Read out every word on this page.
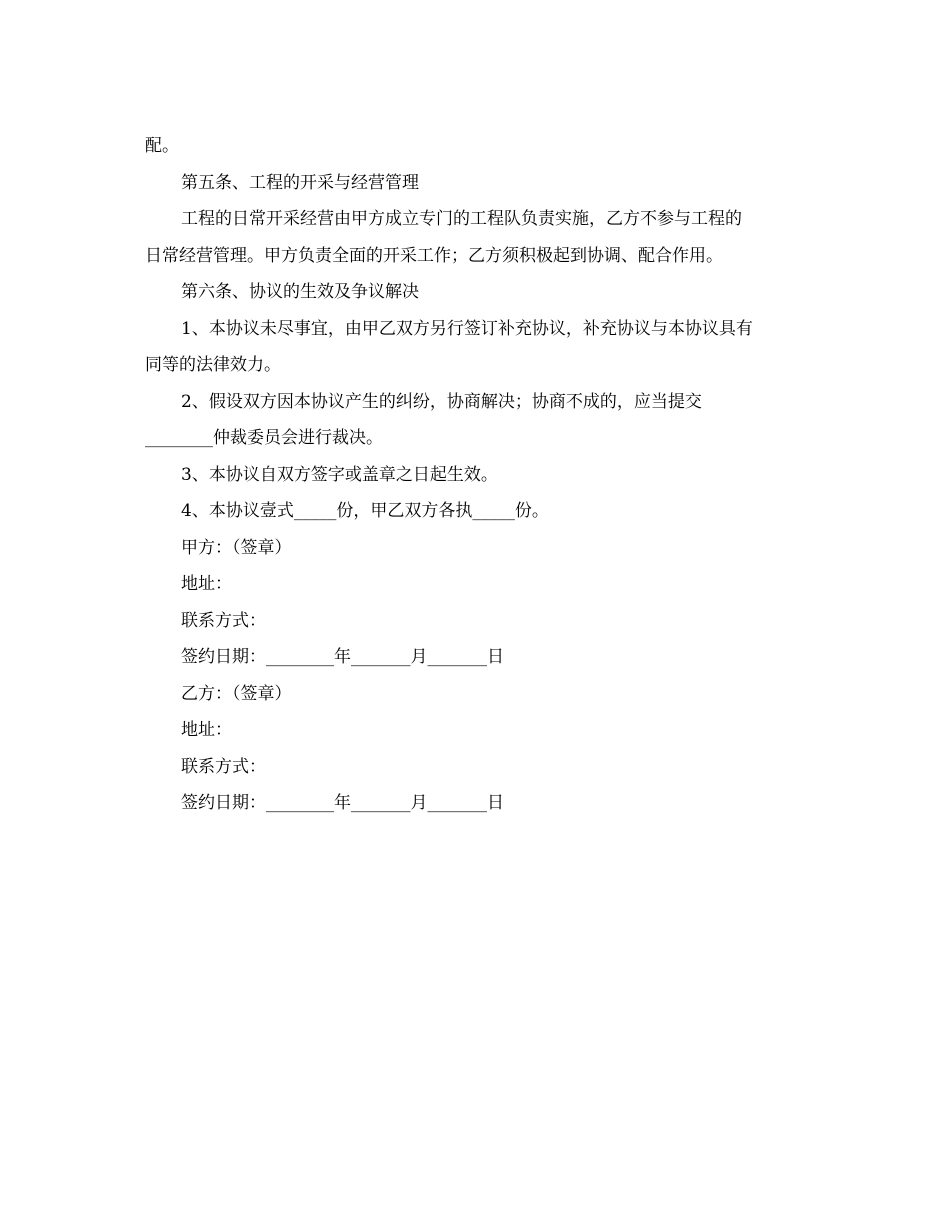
配。
第五条、工程的开采与经营管理
工程的日常开采经营由甲方成立专门的工程队负责实施，乙方不参与工程的
日常经营管理。甲方负责全面的开采工作；乙方须积极起到协调、配合作用。
第六条、协议的生效及争议解决
1、本协议未尽事宜，由甲乙双方另行签订补充协议，补充协议与本协议具有
同等的法律效力。
2、假设双方因本协议产生的纠纷，协商解决；协商不成的，应当提交
________仲裁委员会进行裁决。
3、本协议自双方签字或盖章之日起生效。
4、本协议壹式_____份，甲乙双方各执_____份。
甲方：（签章）
地址：
联系方式：
签约日期：________年_______月_______日
乙方：（签章）
地址：
联系方式：
签约日期：________年_______月_______日
